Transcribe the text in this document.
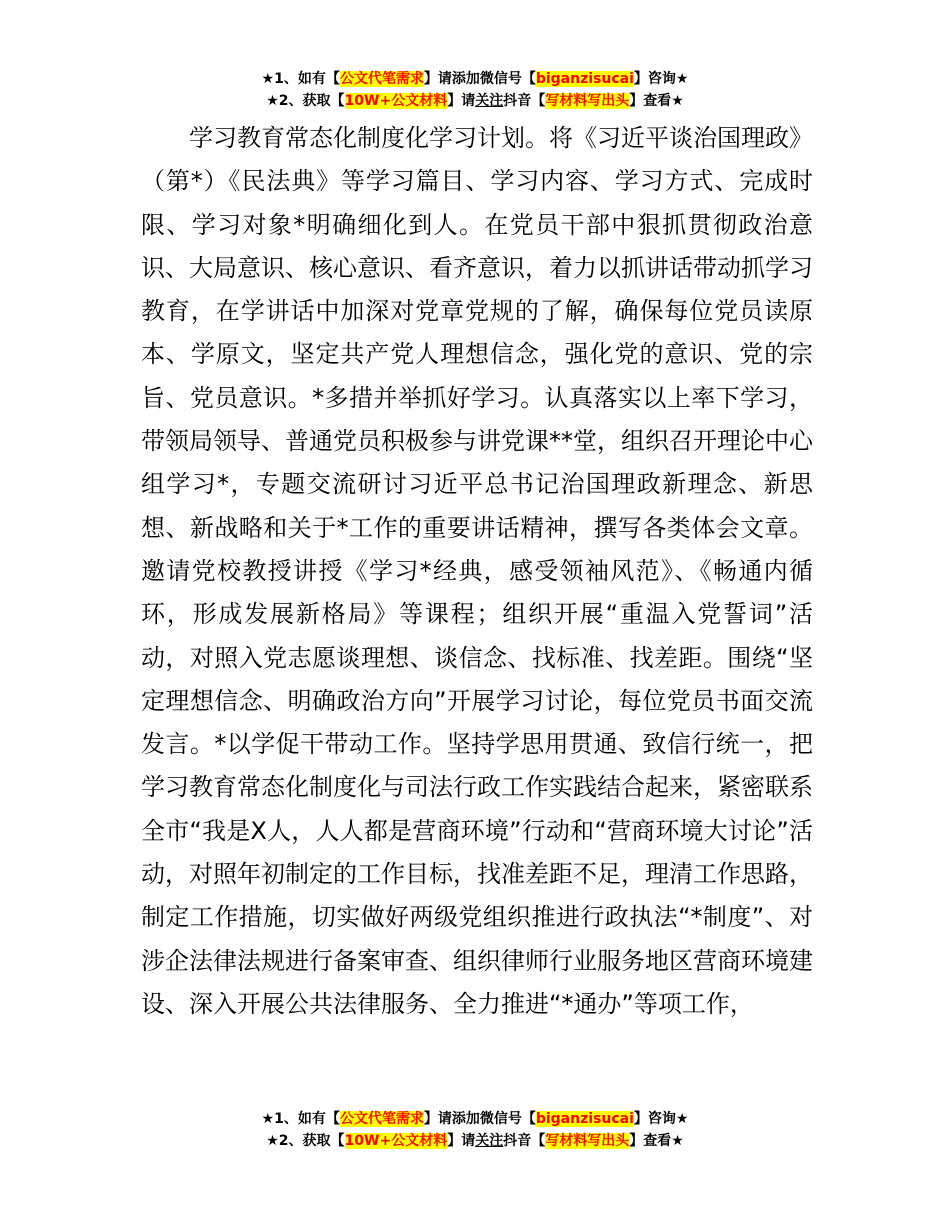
★1、如有【公文代笔需求】请添加微信号【biganzisucai】咨询★
★2、获取【10W+公文材料】请关注抖音【写材料写出头】查看★

学习教育常态化制度化学习计划。将《习近平谈治国理政》（第*）《民法典》等学习篇目、学习内容、学习方式、完成时限、学习对象*明确细化到人。在党员干部中狠抓贯彻政治意识、大局意识、核心意识、看齐意识，着力以抓讲话带动抓学习教育，在学讲话中加深对党章党规的了解，确保每位党员读原本、学原文，坚定共产党人理想信念，强化党的意识、党的宗旨、党员意识。*多措并举抓好学习。认真落实以上率下学习，带领局领导、普通党员积极参与讲党课**堂，组织召开理论中心组学习*，专题交流研讨习近平总书记治国理政新理念、新思想、新战略和关于*工作的重要讲话精神，撰写各类体会文章。邀请党校教授讲授《学习*经典，感受领袖风范》、《畅通内循环，形成发展新格局》等课程；组织开展“重温入党誓词”活动，对照入党志愿谈理想、谈信念、找标准、找差距。围绕“坚定理想信念、明确政治方向”开展学习讨论，每位党员书面交流发言。*以学促干带动工作。坚持学思用贯通、致信行统一，把学习教育常态化制度化与司法行政工作实践结合起来，紧密联系全市“我是X人，人人都是营商环境”行动和“营商环境大讨论”活动，对照年初制定的工作目标，找准差距不足，理清工作思路，制定工作措施，切实做好两级党组织推进行政执法“*制度”、对涉企法律法规进行备案审查、组织律师行业服务地区营商环境建设、深入开展公共法律服务、全力推进“*通办”等项工作，

★1、如有【公文代笔需求】请添加微信号【biganzisucai】咨询★
★2、获取【10W+公文材料】请关注抖音【写材料写出头】查看★
